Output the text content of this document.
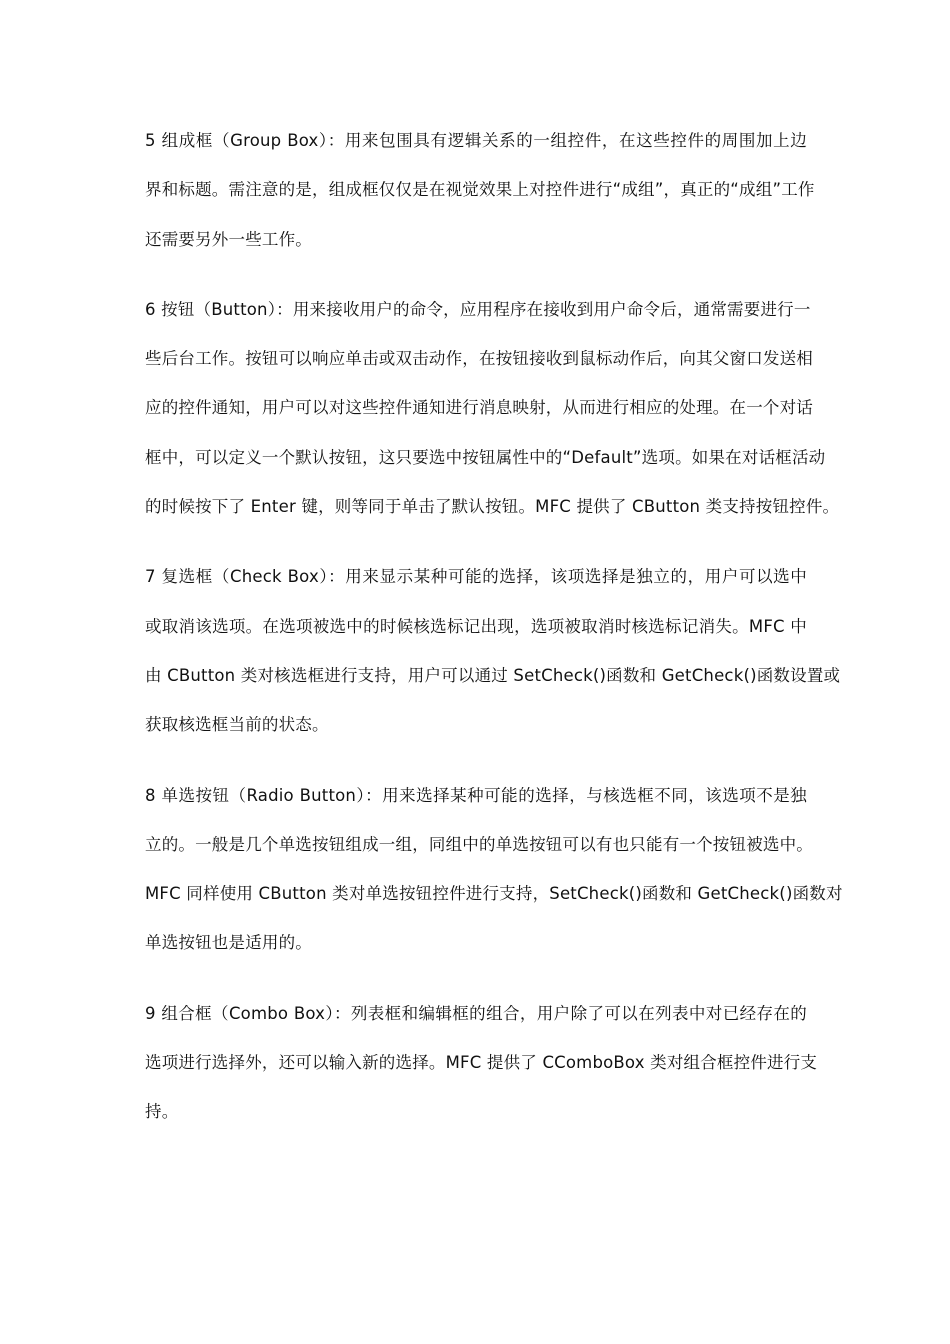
5 组成框（Group Box）：用来包围具有逻辑关系的一组控件，在这些控件的周围加上边
界和标题。需注意的是，组成框仅仅是在视觉效果上对控件进行“成组”，真正的“成组”工作
还需要另外一些工作。
6 按钮（Button）：用来接收用户的命令，应用程序在接收到用户命令后，通常需要进行一
些后台工作。按钮可以响应单击或双击动作，在按钮接收到鼠标动作后，向其父窗口发送相
应的控件通知，用户可以对这些控件通知进行消息映射，从而进行相应的处理。在一个对话
框中，可以定义一个默认按钮，这只要选中按钮属性中的“Default”选项。如果在对话框活动
的时候按下了 Enter 键，则等同于单击了默认按钮。MFC 提供了 CButton 类支持按钮控件。
7 复选框（Check Box）：用来显示某种可能的选择，该项选择是独立的，用户可以选中
或取消该选项。在选项被选中的时候核选标记出现，选项被取消时核选标记消失。MFC 中
由 CButton 类对核选框进行支持，用户可以通过 SetCheck()函数和 GetCheck()函数设置或
获取核选框当前的状态。
8 单选按钮（Radio Button）：用来选择某种可能的选择，与核选框不同，该选项不是独
立的。一般是几个单选按钮组成一组，同组中的单选按钮可以有也只能有一个按钮被选中。
MFC 同样使用 CButton 类对单选按钮控件进行支持，SetCheck()函数和 GetCheck()函数对
单选按钮也是适用的。
9 组合框（Combo Box）：列表框和编辑框的组合，用户除了可以在列表中对已经存在的
选项进行选择外，还可以输入新的选择。MFC 提供了 CComboBox 类对组合框控件进行支
持。
